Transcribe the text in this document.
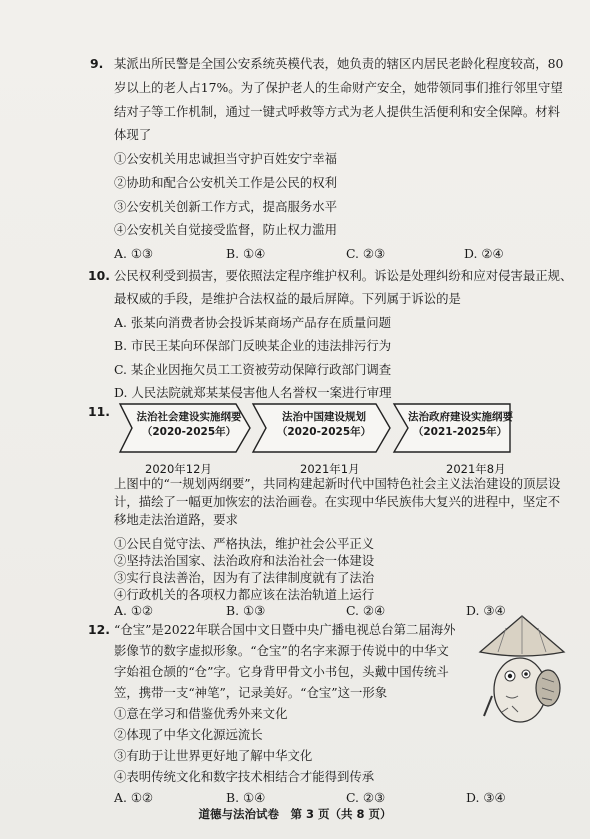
9. 某派出所民警是全国公安系统英模代表，她负责的辖区内居民老龄化程度较高，80
岁以上的老人占17%。为了保护老人的生命财产安全，她带领同事们推行邻里守望
结对子等工作机制，通过一键式呼救等方式为老人提供生活便利和安全保障。材料
体现了
①公安机关用忠诚担当守护百姓安宁幸福
②协助和配合公安机关工作是公民的权利
③公安机关创新工作方式，提高服务水平
④公安机关自觉接受监督，防止权力滥用
A. ①③	B. ①④	C. ②③	D. ②④
10. 公民权利受到损害，要依照法定程序维护权利。诉讼是处理纠纷和应对侵害最正规、
最权威的手段，是维护合法权益的最后屏障。下列属于诉讼的是
A. 张某向消费者协会投诉某商场产品存在质量问题
B. 市民王某向环保部门反映某企业的违法排污行为
C. 某企业因拖欠员工工资被劳动保障行政部门调查
D. 人民法院就郑某某侵害他人名誉权一案进行审理
11.	法治社会建设实施纲要
（2020-2025年）
法治中国建设规划
（2020-2025年）
法治政府建设实施纲要
（2021-2025年）
2020年12月	2021年1月	2021年8月
上图中的“一规划两纲要”，共同构建起新时代中国特色社会主义法治建设的顶层设
计，描绘了一幅更加恢宏的法治画卷。在实现中华民族伟大复兴的进程中，坚定不
移地走法治道路，要求
①公民自觉守法、严格执法，维护社会公平正义
②坚持法治国家、法治政府和法治社会一体建设
③实行良法善治，因为有了法律制度就有了法治
④行政机关的各项权力都应该在法治轨道上运行
A. ①②	B. ①③	C. ②④	D. ③④
12. “仓宝”是2022年联合国中文日暨中央广播电视总台第二届海外
影像节的数字虚拟形象。“仓宝”的名字来源于传说中的中华文
字始祖仓颉的“仓”字。它身背甲骨文小书包，头戴中国传统斗
笠，携带一支“神笔”，记录美好。“仓宝”这一形象
①意在学习和借鉴优秀外来文化
②体现了中华文化源远流长
③有助于让世界更好地了解中华文化
④表明传统文化和数字技术相结合才能得到传承
A. ①②	B. ①④	C. ②③	D. ③④
道德与法治试卷　第 3 页（共 8 页）
